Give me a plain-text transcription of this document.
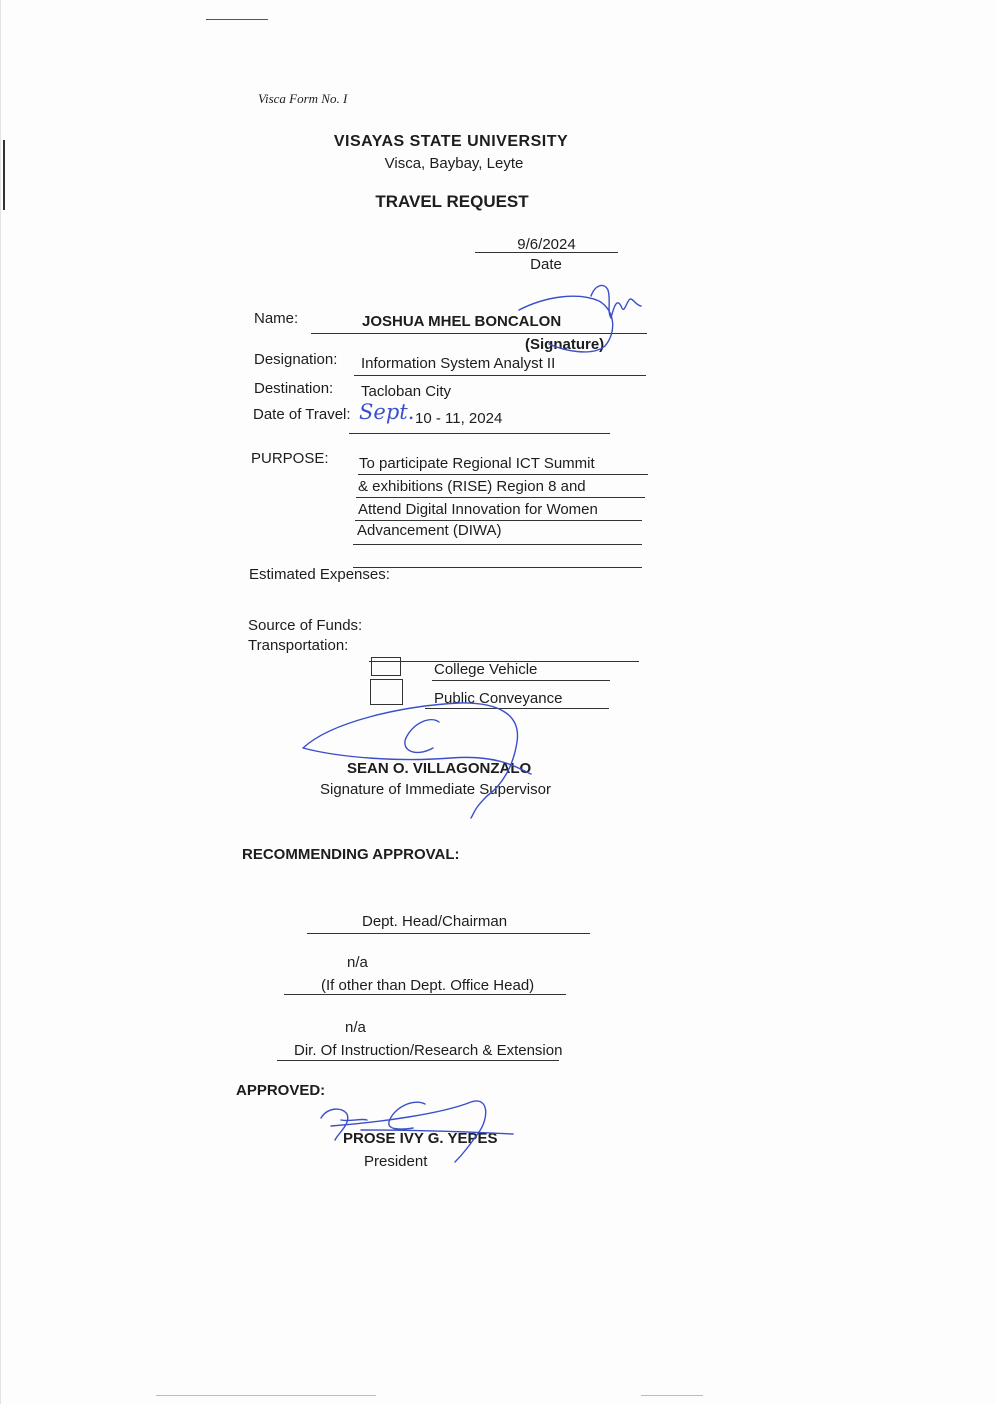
Visca Form No. I
VISAYAS STATE UNIVERSITY
Visca, Baybay, Leyte
TRAVEL REQUEST
9/6/2024
Date
Name:	JOSHUA MHEL BONCALON
(Signature)
Designation: Information System Analyst II
Destination: Tacloban City
Date of Travel: Sept. 10 - 11, 2024
PURPOSE: To participate Regional ICT Summit
& exhibitions (RISE) Region 8 and
Attend Digital Innovation for Women
Advancement (DIWA)
Estimated Expenses:
Source of Funds:
Transportation:
College Vehicle
Public Conveyance
SEAN O. VILLAGONZALO
Signature of Immediate Supervisor
RECOMMENDING APPROVAL:
Dept. Head/Chairman
n/a
(If other than Dept. Office Head)
n/a
Dir. Of Instruction/Research & Extension
APPROVED:
PROSE IVY G. YEPES
President
